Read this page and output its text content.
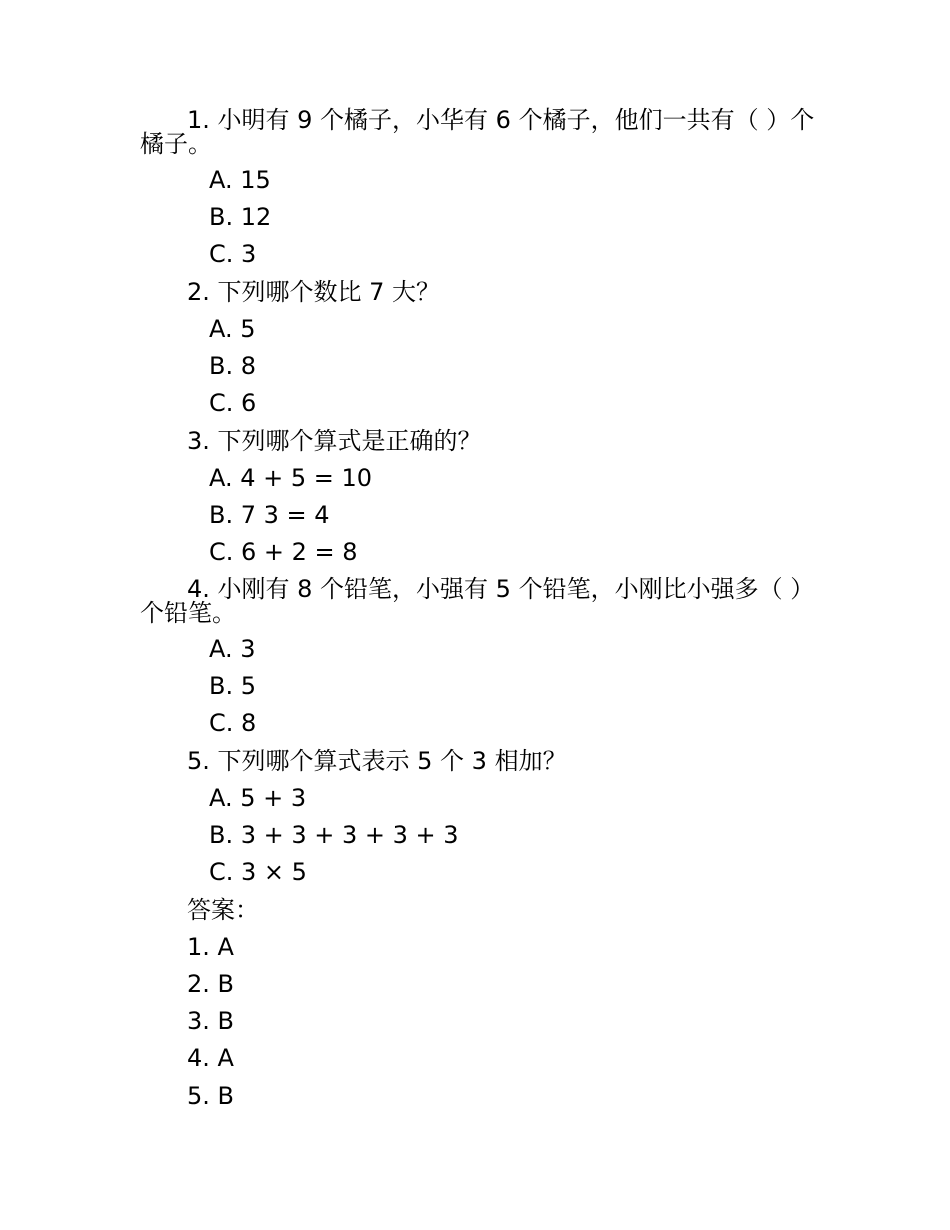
1. 小明有 9 个橘子，小华有 6 个橘子，他们一共有（ ）个橘子。
A. 15
B. 12
C. 3
2. 下列哪个数比 7 大？
A. 5
B. 8
C. 6
3. 下列哪个算式是正确的？
A. 4 + 5 = 10
B. 7 3 = 4
C. 6 + 2 = 8
4. 小刚有 8 个铅笔，小强有 5 个铅笔，小刚比小强多（ ）个铅笔。
A. 3
B. 5
C. 8
5. 下列哪个算式表示 5 个 3 相加？
A. 5 + 3
B. 3 + 3 + 3 + 3 + 3
C. 3 × 5
答案：
1. A
2. B
3. B
4. A
5. B
